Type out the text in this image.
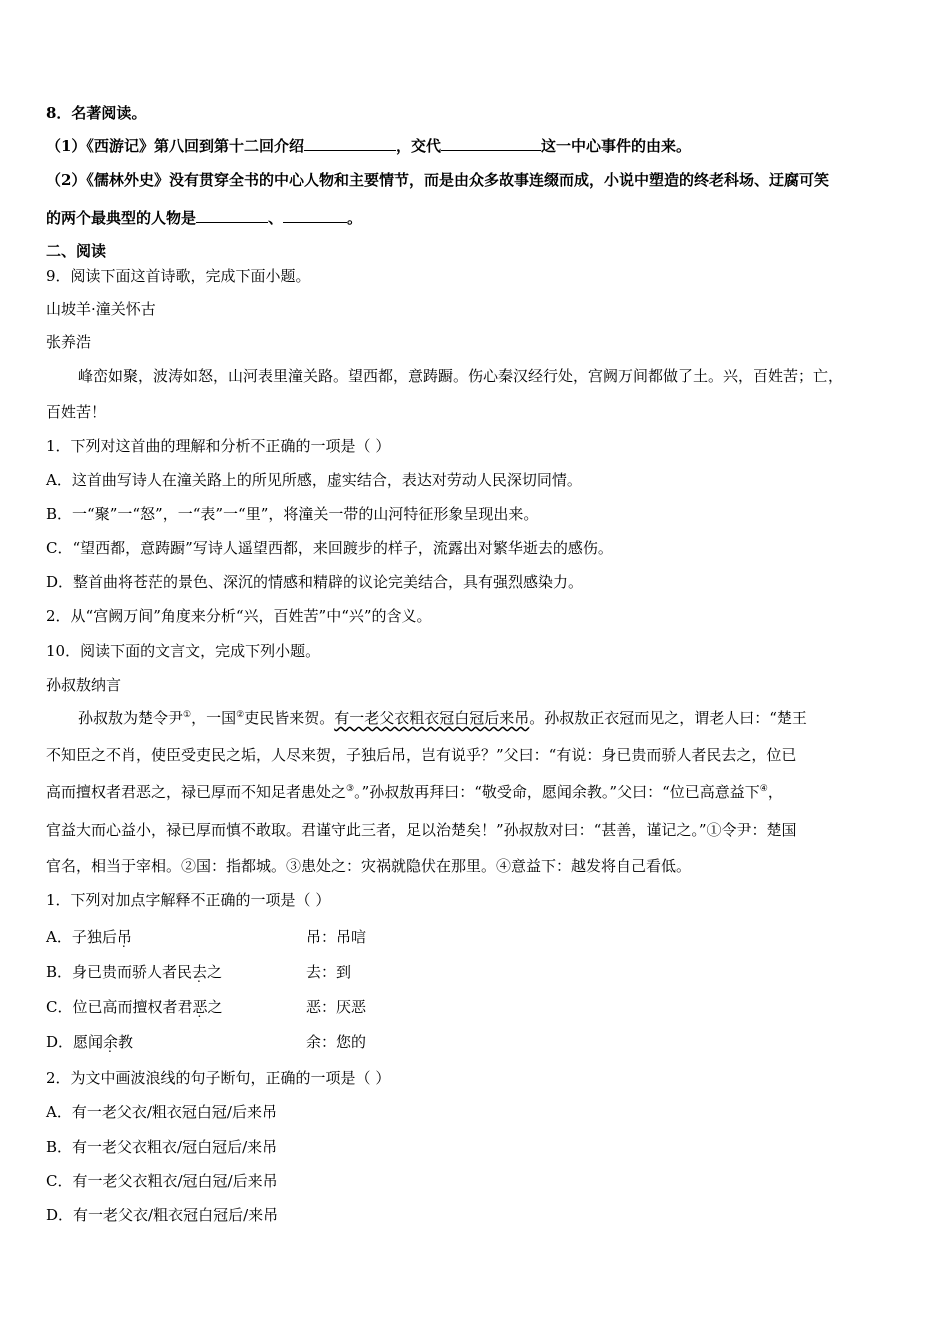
8．名著阅读。
（1）《西游记》第八回到第十二回介绍	，交代	这一中心事件的由来。
（2）《儒林外史》没有贯穿全书的中心人物和主要情节，而是由众多故事连缀而成，小说中塑造的终老科场、迂腐可笑
的两个最典型的人物是	、	。
二、阅读
9．阅读下面这首诗歌，完成下面小题。
山坡羊·潼关怀古
张养浩
峰峦如聚，波涛如怒，山河表里潼关路。望西都，意踌蹰。伤心秦汉经行处，宫阙万间都做了土。兴，百姓苦；亡，
百姓苦！
1．下列对这首曲的理解和分析不正确的一项是（ ）
A．这首曲写诗人在潼关路上的所见所感，虚实结合，表达对劳动人民深切同情。
B．一“聚”一“怒”，一“表”一“里”，将潼关一带的山河特征形象呈现出来。
C．“望西都，意踌蹰”写诗人遥望西都，来回踱步的样子，流露出对繁华逝去的感伤。
D．整首曲将苍茫的景色、深沉的情感和精辟的议论完美结合，具有强烈感染力。
2．从“宫阙万间”角度来分析“兴，百姓苦”中“兴”的含义。
10．阅读下面的文言文，完成下列小题。
孙叔敖纳言
孙叔敖为楚令尹①，一国②吏民皆来贺。有一老父衣粗衣冠白冠后来吊。孙叔敖正衣冠而见之，谓老人曰：“楚王
不知臣之不肖，使臣受吏民之垢，人尽来贺，子独后吊，岂有说乎？”父曰：“有说：身已贵而骄人者民去之，位已
高而擅权者君恶之，禄已厚而不知足者患处之③。”孙叔敖再拜曰：“敬受命，愿闻余教。”父曰：“位已高意益下④，
官益大而心益小，禄已厚而慎不敢取。君谨守此三者，足以治楚矣！”孙叔敖对曰：“甚善，谨记之。”①令尹：楚国
官名，相当于宰相。②国：指都城。③患处之：灾祸就隐伏在那里。④意益下：越发将自己看低。
1．下列对加点字解释不正确的一项是（ ）
A．子独后吊	吊：吊唁
B．身已贵而骄人者民去之	去：到
C．位已高而擅权者君恶之	恶：厌恶
D．愿闻余教	余：您的
2．为文中画波浪线的句子断句，正确的一项是（ ）
A．有一老父衣/粗衣冠白冠/后来吊
B．有一老父衣粗衣/冠白冠后/来吊
C．有一老父衣粗衣/冠白冠/后来吊
D．有一老父衣/粗衣冠白冠后/来吊
